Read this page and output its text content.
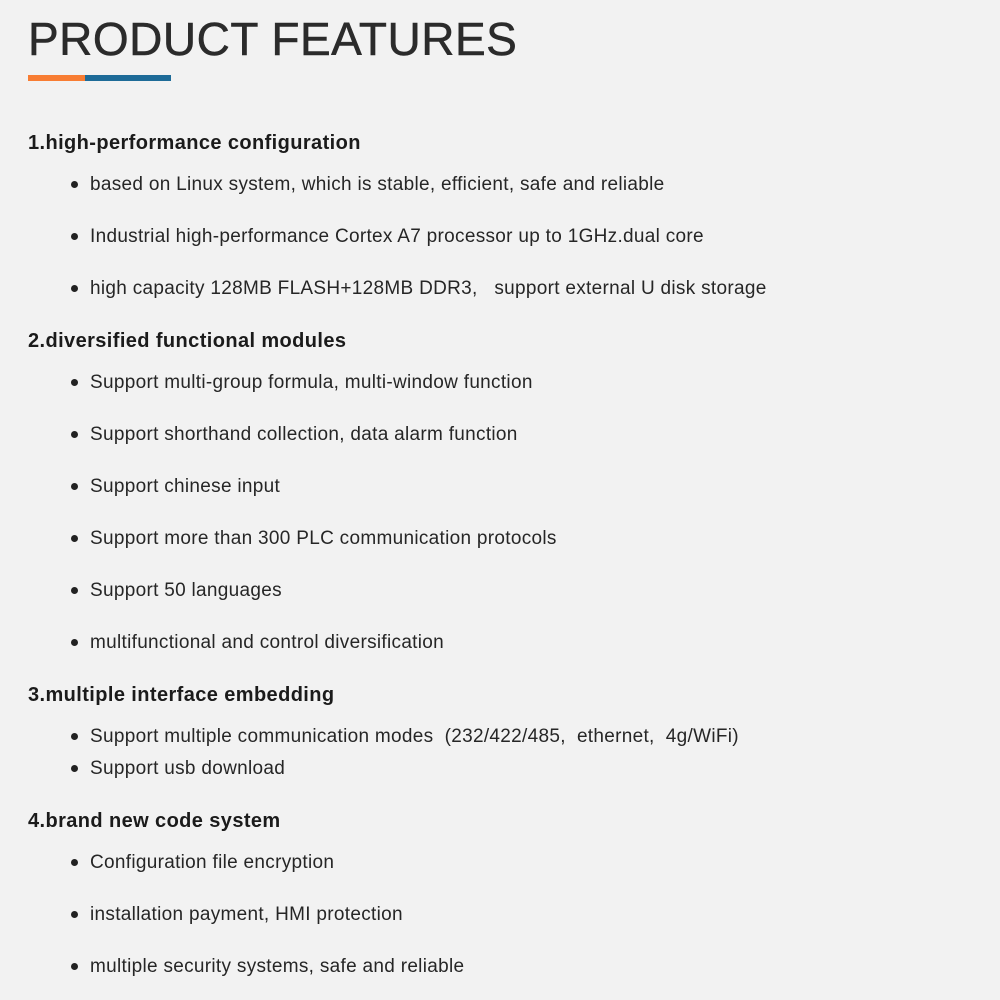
PRODUCT FEATURES
1.high-performance configuration
based on Linux system, which is stable, efficient, safe and reliable
Industrial high-performance Cortex A7 processor up to 1GHz.dual core
high capacity 128MB FLASH+128MB DDR3,   support external U disk storage
2.diversified functional modules
Support multi-group formula, multi-window function
Support shorthand collection, data alarm function
Support chinese input
Support more than 300 PLC communication protocols
Support 50 languages
multifunctional and control diversification
3.multiple interface embedding
Support multiple communication modes  (232/422/485,  ethernet,  4g/WiFi)
Support usb download
4.brand new code system
Configuration file encryption
installation payment, HMI protection
multiple security systems, safe and reliable
